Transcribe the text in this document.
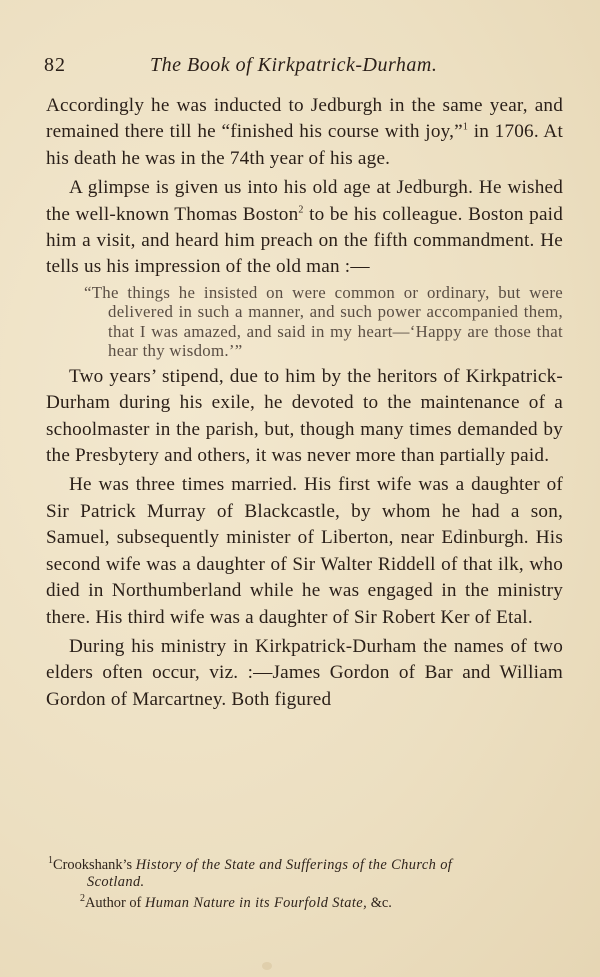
82	The Book of Kirkpatrick-Durham.

Accordingly he was inducted to Jedburgh in the same year, and remained there till he “finished his course with joy,”$^1$ in 1706. At his death he was in the 74th year of his age.

A glimpse is given us into his old age at Jedburgh. He wished the well-known Thomas Boston$^2$ to be his colleague. Boston paid him a visit, and heard him preach on the fifth commandment. He tells us his impression of the old man :—

“The things he insisted on were common or ordinary, but were delivered in such a manner, and such power accompanied them, that I was amazed, and said in my heart—‘Happy are those that hear thy wisdom.’”

Two years’ stipend, due to him by the heritors of Kirkpatrick-Durham during his exile, he devoted to the maintenance of a schoolmaster in the parish, but, though many times demanded by the Presbytery and others, it was never more than partially paid.

He was three times married. His first wife was a daughter of Sir Patrick Murray of Blackcastle, by whom he had a son, Samuel, subsequently minister of Liberton, near Edinburgh. His second wife was a daughter of Sir Walter Riddell of that ilk, who died in Northumberland while he was engaged in the ministry there. His third wife was a daughter of Sir Robert Ker of Etal.

During his ministry in Kirkpatrick-Durham the names of two elders often occur, viz. :—James Gordon of Bar and William Gordon of Marcartney. Both figured

$^1$Crookshank’s History of the State and Sufferings of the Church of
Scotland.

$^2$Author of Human Nature in its Fourfold State, &c.
